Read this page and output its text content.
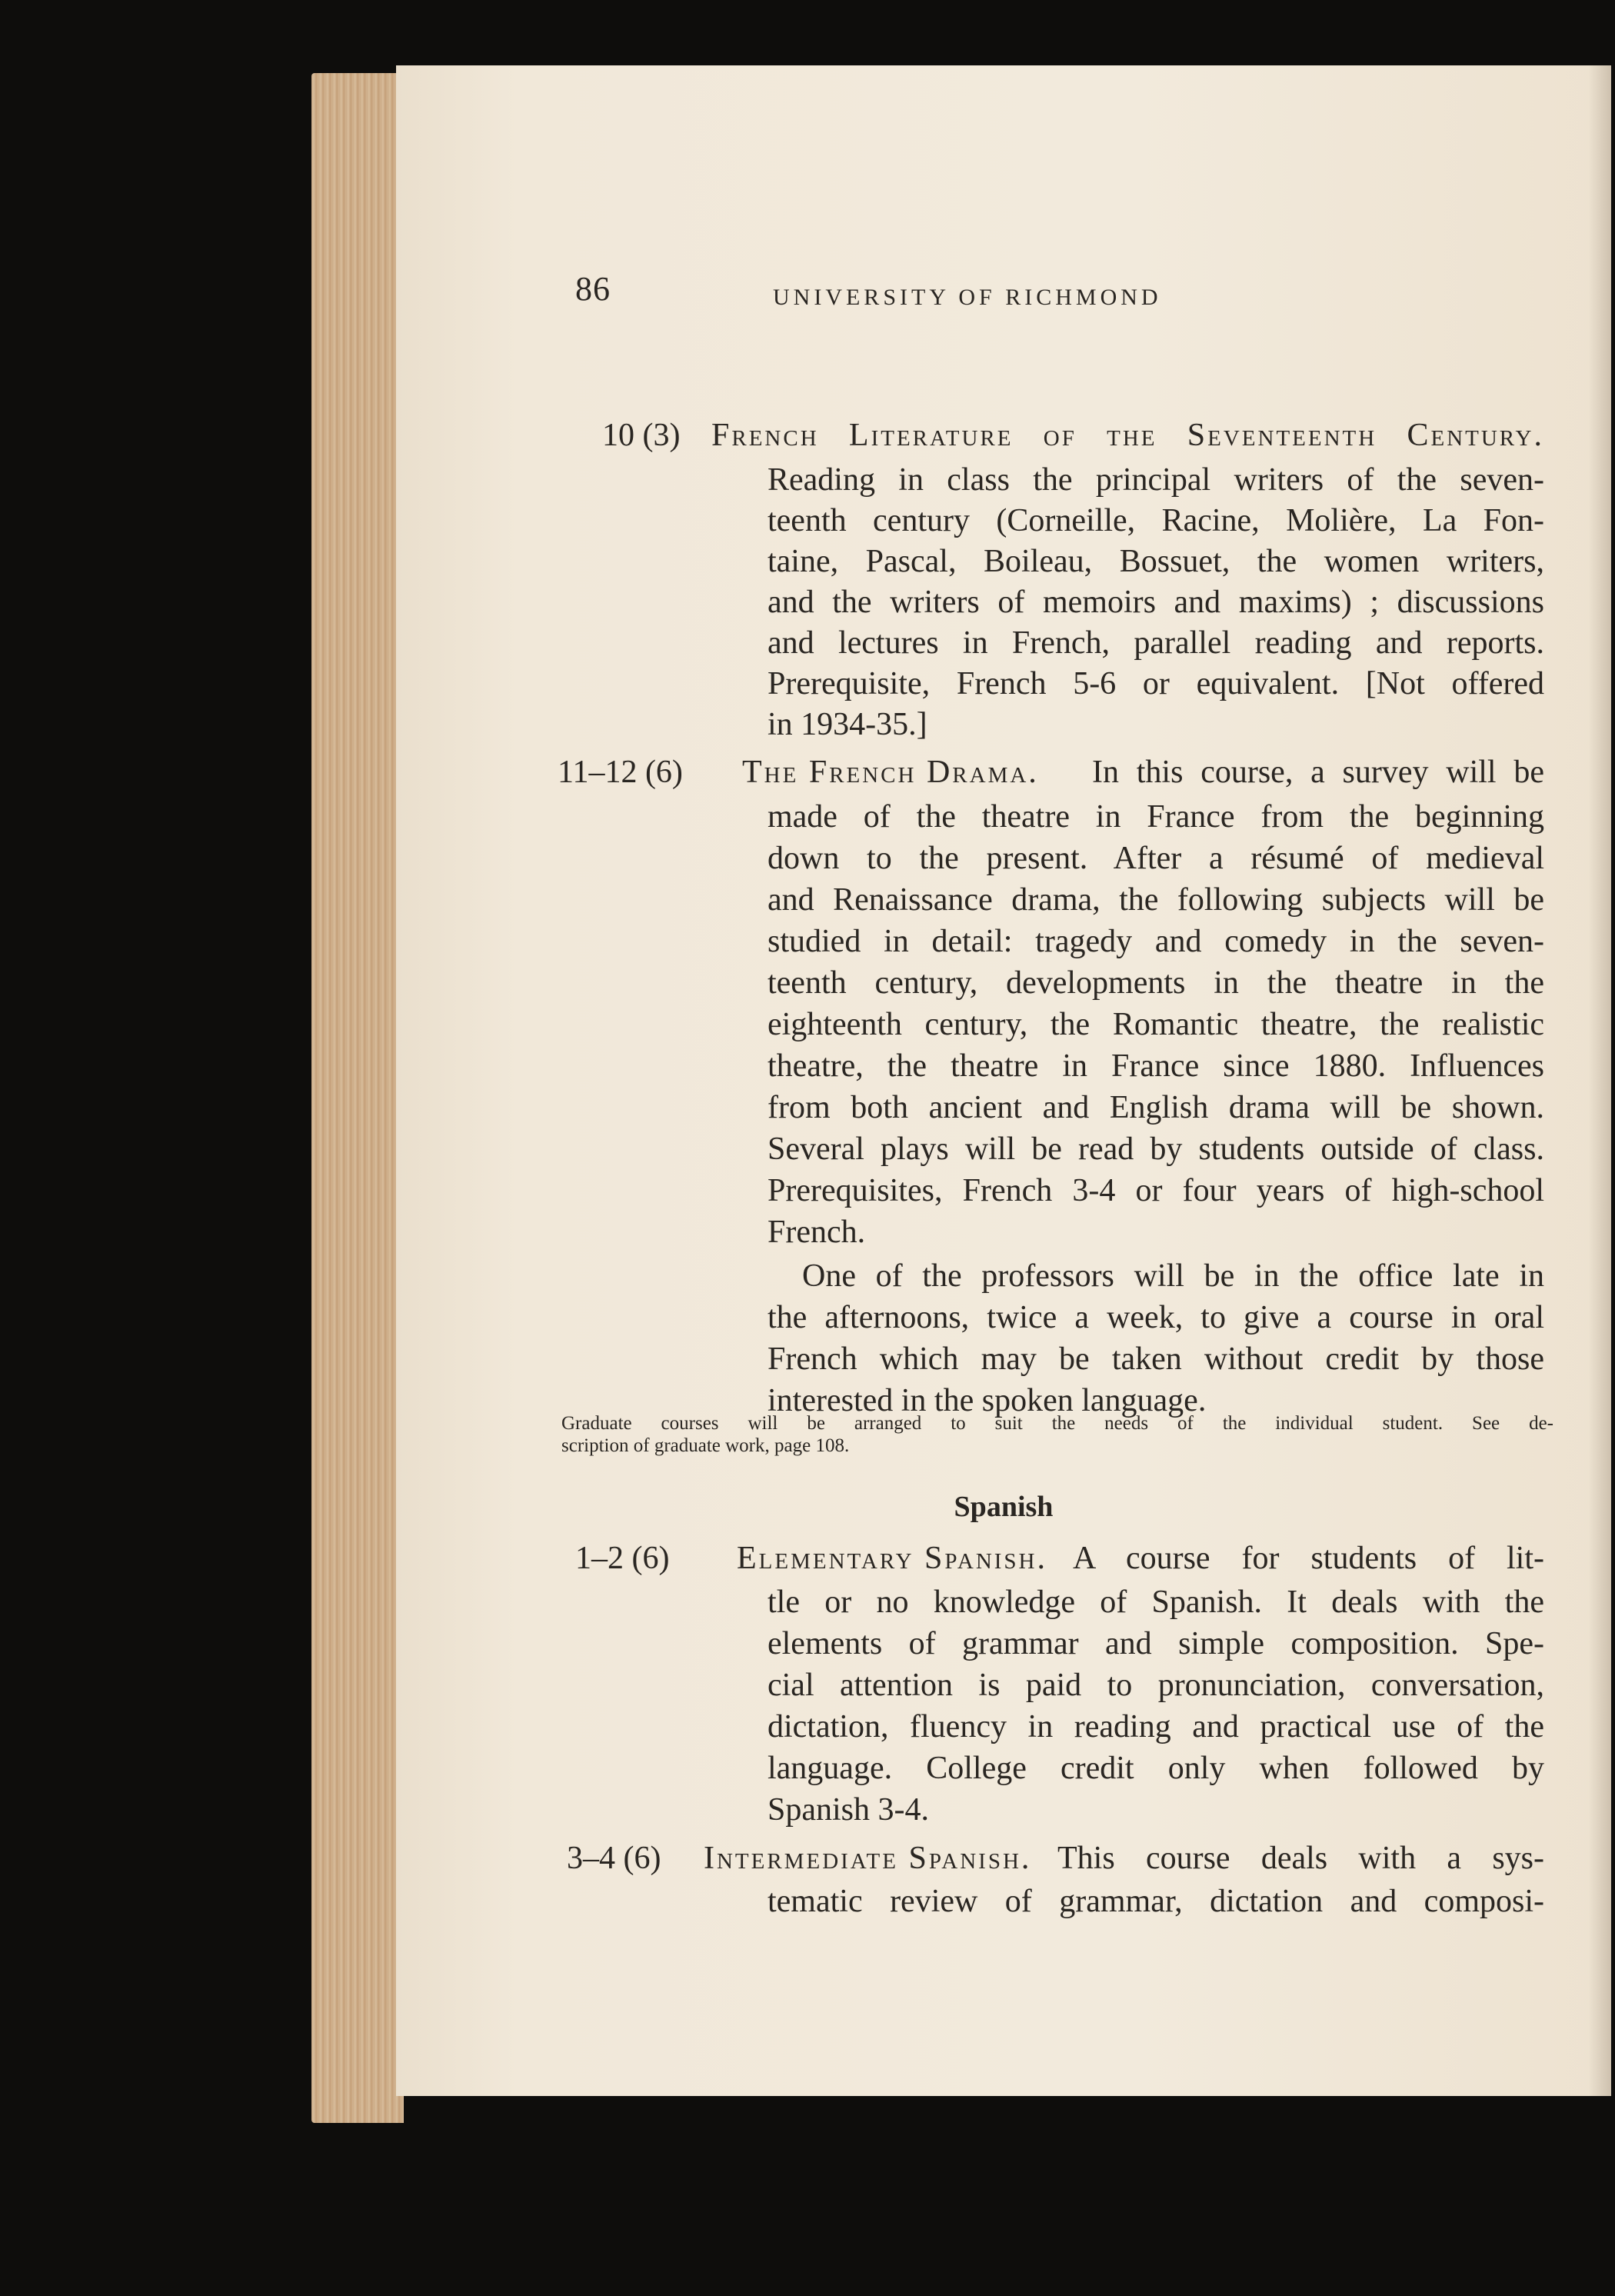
86	UNIVERSITY OF RICHMOND
10 (3) French Literature of the Seventeenth Century.
Reading in class the principal writers of the seven-
teenth century (Corneille, Racine, Molière, La Fon-
taine, Pascal, Boileau, Bossuet, the women writers,
and the writers of memoirs and maxims) ; discussions
and lectures in French, parallel reading and reports.
Prerequisite, French 5-6 or equivalent. [Not offered
in 1934-35.]
11–12 (6) The French Drama. In this course, a survey will be
made of the theatre in France from the beginning
down to the present. After a résumé of medieval
and Renaissance drama, the following subjects will be
studied in detail: tragedy and comedy in the seven-
teenth century, developments in the theatre in the
eighteenth century, the Romantic theatre, the realistic
theatre, the theatre in France since 1880. Influences
from both ancient and English drama will be shown.
Several plays will be read by students outside of class.
Prerequisites, French 3-4 or four years of high-school
French.
One of the professors will be in the office late in
the afternoons, twice a week, to give a course in oral
French which may be taken without credit by those
interested in the spoken language.
Graduate courses will be arranged to suit the needs of the individual student. See de-
scription of graduate work, page 108.
Spanish
1–2 (6) Elementary Spanish. A course for students of lit-
tle or no knowledge of Spanish. It deals with the
elements of grammar and simple composition. Spe-
cial attention is paid to pronunciation, conversation,
dictation, fluency in reading and practical use of the
language. College credit only when followed by
Spanish 3-4.
3–4 (6) Intermediate Spanish. This course deals with a sys-
tematic review of grammar, dictation and composi-
